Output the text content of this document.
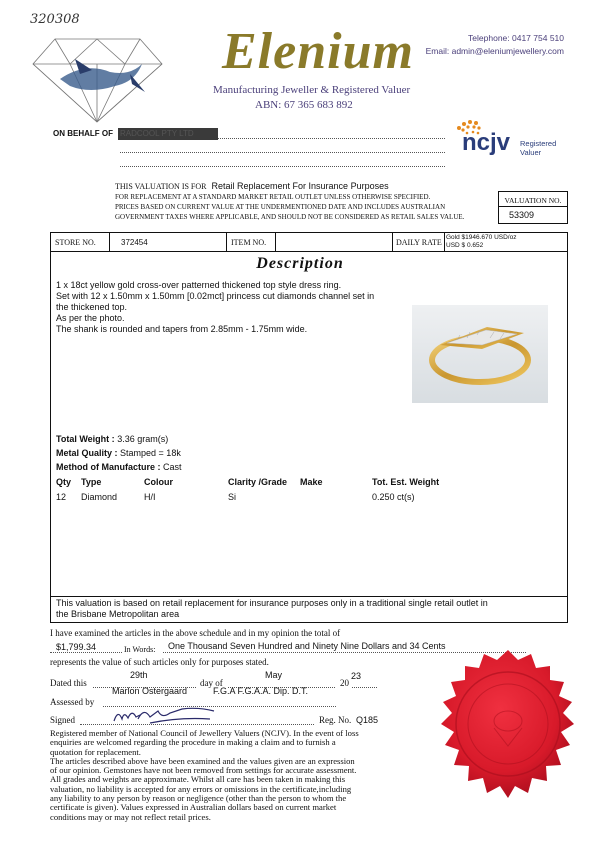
320308
Elenium
Manufacturing Jeweller & Registered Valuer
ABN: 67 365 683 892
Telephone: 0417 754 510
Email: admin@eleniumjewellery.com
ON BEHALF OF RADCOOL PTY LTD	ncjv Registered
Valuer
THIS VALUATION IS FOR Retail Replacement For Insurance Purposes
FOR REPLACEMENT AT A STANDARD MARKET RETAIL OUTLET UNLESS OTHERWISE SPECIFIED.
PRICES BASED ON CURRENT VALUE AT THE UNDERMENTIONED DATE AND INCLUDES AUSTRALIAN
GOVERNMENT TAXES WHERE APPLICABLE, AND SHOULD NOT BE CONSIDERED AS RETAIL SALES VALUE.
VALUATION NO.
53309
STORE NO.	372454	ITEM NO.	DAILY RATE Gold $1946.670 USD/oz
USD $ 0.652
Description
1 x 18ct yellow gold cross-over patterned thickened top style dress ring.
Set with 12 x 1.50mm x 1.50mm [0.02mct] princess cut diamonds channel set in
the thickened top.
As per the photo.
The shank is rounded and tapers from 2.85mm - 1.75mm wide.
Total Weight : 3.36 gram(s)
Metal Quality : Stamped = 18k
Method of Manufacture : Cast
Qty Type	Colour	Clarity /Grade Make	Tot. Est. Weight
12 Diamond	H/I	Si	0.250 ct(s)
This valuation is based on retail replacement for insurance purposes only in a traditional single retail outlet in
the Brisbane Metropolitan area
I have examined the articles in the above schedule and in my opinion the total of
$1,799.34	In Words: One Thousand Seven Hundred and Ninety Nine Dollars and 34 Cents
represents the value of such articles only for purposes stated.
Dated this
29th
day of
May
20
23
Marlon Ostergaard	F.G.A F.G.A.A. Dip. D.T.
Assessed by
Signed	Reg. No. Q185
Registered member of National Council of Jewellery Valuers (NCJV). In the event of loss
enquiries are welcomed regarding the procedure in making a claim and to furnish a
quotation for replacement.
The articles described above have been examined and the values given are an expression
of our opinion. Gemstones have not been removed from settings for accurate assessment.
All grades and weights are approximate. Whilst all care has been taken in making this
valuation, no liability is accepted for any errors or omissions in the certificate,including
any liability to any person by reason or negligence (other than the person to whom the
certificate is given). Values expressed in Australian dollars based on current market
conditions may or may not reflect retail prices.
